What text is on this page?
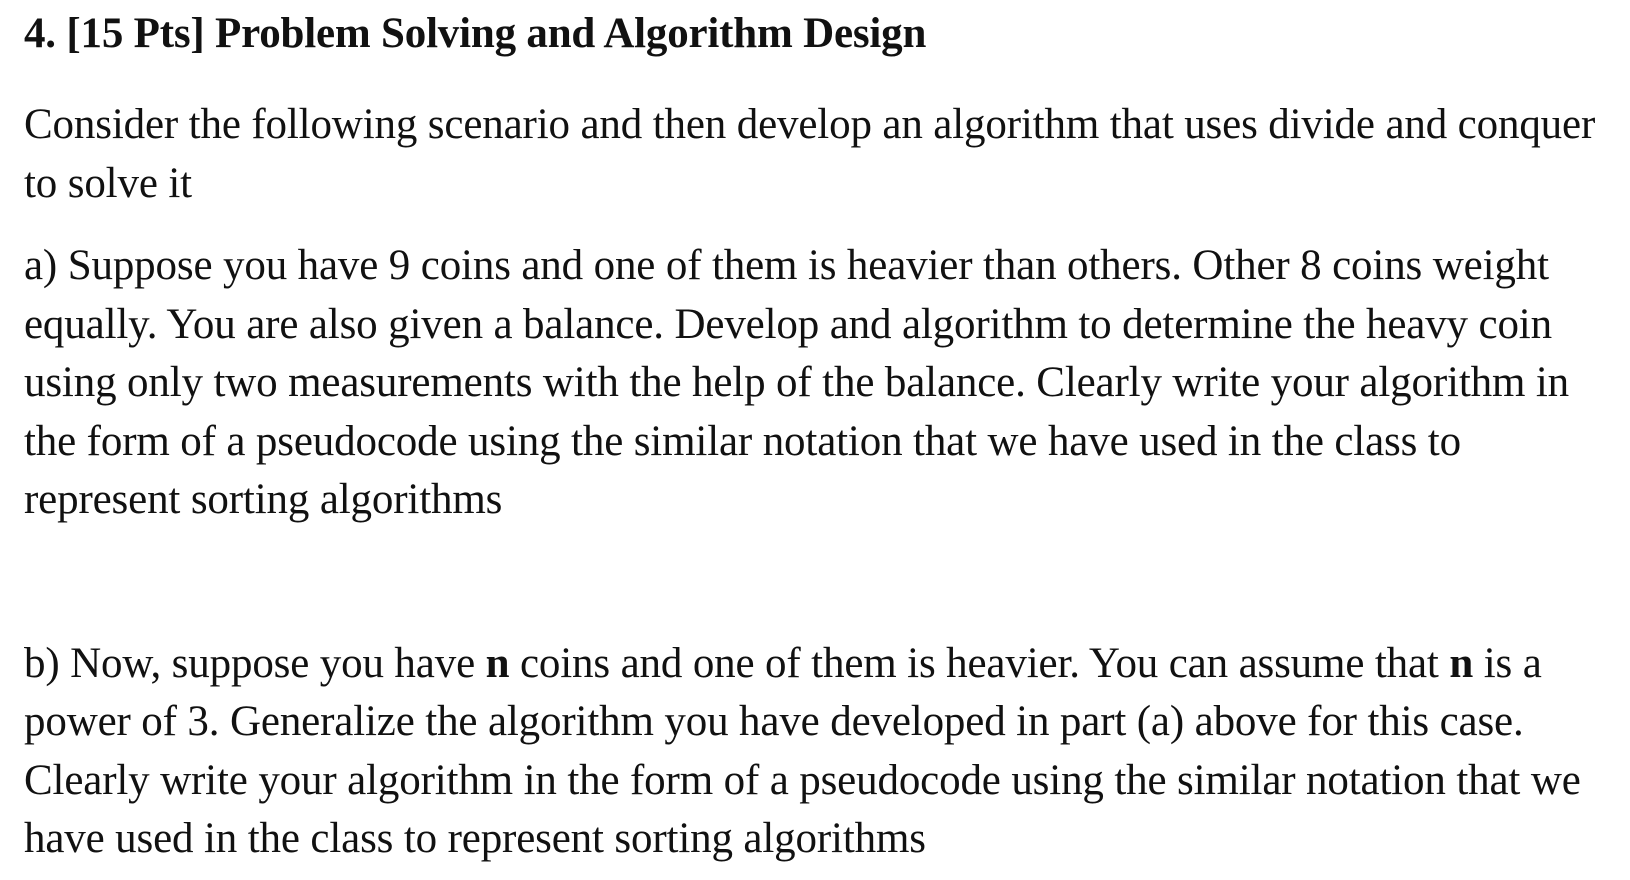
4. [15 Pts] Problem Solving and Algorithm Design

Consider the following scenario and then develop an algorithm that uses divide and conquer to solve it

a) Suppose you have 9 coins and one of them is heavier than others. Other 8 coins weight equally. You are also given a balance. Develop and algorithm to determine the heavy coin using only two measurements with the help of the balance. Clearly write your algorithm in the form of a pseudocode using the similar notation that we have used in the class to represent sorting algorithms

b) Now, suppose you have n coins and one of them is heavier. You can assume that n is a power of 3. Generalize the algorithm you have developed in part (a) above for this case. Clearly write your algorithm in the form of a pseudocode using the similar notation that we have used in the class to represent sorting algorithms
